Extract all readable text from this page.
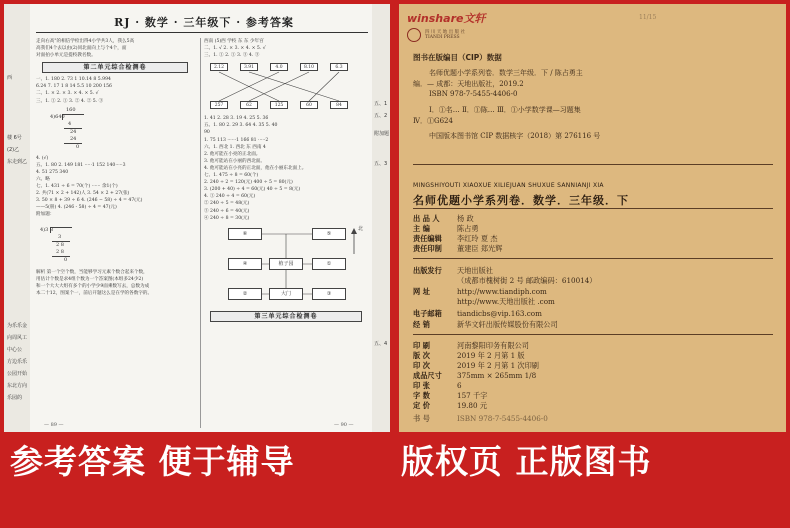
西
楼 6号
(2)乙
东走到乙
为乐乐金
向周风工
中心公
方边乐乐
公园开始
东北方向
乐园的
五、1
五、2
附加题
五、3
五、4
RJ · 数学 · 三年级下 · 参考答案
走向右高"的相信学检出得4小学共3人，我么5高
高我们4个去以由(2)同北面向上与个4个，面
对面拍小单元是提校教名数。
第二单元综合检测卷
一、1. 180 2. 73 1 10.14 8 5.994
6.24 7. 17 1 8 14 5.5 10 200 156
二、1. × 2. × 3. × 4. × 5. √
三、1. ① 2. ① 3. ② 4. ② 5. ③
160
4)640
4
24
24
0
4. (√)
五、1. 80 2. 149 181 ·····1 152 140·····3
4. 51 275 340
六、略
七、1. 431 ÷ 6 = 70(个) ······ 余1(个)
2. 共(71 × 2 + 142)人 3. 54 × 2 + 27(张)
3. 50 × 8 + 39 ÷ 6 4. (246 − 58) ÷ 4 = 47(元)
——5(册) 4. (246 - 58) ÷ 4 = 47(元)
附加题：
4)3 8
3
2 8
2 8
0
解析 第一个空个数，当能够学习元素个数合起来个数，
用估计个数是求4组个数为一个答案图(本组多24少2)
和一个大大大组有多个的小学少9面乘数写去，总数为成
本二十12，图案个一，前后开题这么是在学的各数字的。
西南 (5)西 学校 东 东 少年宫
二、1. √ 2. × 3. × 4. × 5. √
三、1. ① 2. ① 3. ③ 4. ③
2.12	3.91	4.0	8.10	6.3
257	62	125	60	84
1. 41 2. 28 3. 19 4. 25 5. 36
五、1. 80 2. 29 3. 64 4. 35 5. 40
90
1. 75 113 ······1 166 81 ·····2
六、1. 西北 1. 西北 东 西南 4
2. 他可能在小亮的正北面。
3. 他可能站在小丽的西北面。
4. 他可能站在小亮的正北面，他在小丽东北面上。
七、1. 475 ÷ 8 = 60(个)
2. 240 ÷ 2 = 120(元) 400 ÷ 5 = 80(元)
3. (200 + 40) ÷ 4 = 60(元) 40 ÷ 5 = 8(元)
4. ① 240 ÷ 4 = 60(元)
② 240 ÷ 5 = 48(元)
③ 240 ÷ 6 = 40(元)
④ 240 ÷ 8 = 30(元)
北
⑥	⑤
④	植子园	①
②	大门	③
第三单元综合检测卷
— 89 —	— 90 —
参考答案 便于辅导
winshare文轩	11/15
四 川 天 地 出 版 社
TIANDI PRESS
图书在版编目（CIP）数据
名师优题小学系列卷．数学三年级．下 / 陈占勇主
编．— 成都：天地出版社，2019.2
ISBN 978-7-5455-4406-0
Ⅰ．①名… Ⅱ．①陈… Ⅲ．①小学数学课—习题集
Ⅳ．①G624
中国版本图书馆 CIP 数据核字（2018）第 276116 号
MINGSHIYOUTI XIAOXUE XILIEJUAN SHUXUE SANNIANJI XIA
名师优题小学系列卷．数学．三年级．下
出 品 人 杨 政
主 编	陈占勇
责任编辑 李红玲 夏 杰
责任印制 董建臣 郑光辉
出版发行 天地出版社
（成都市槐树街 2 号 邮政编码：610014）
网 址	http://www.tiandiph.com
http://www.天地出版社 .com
电子邮箱 tiandicbs@vip.163.com
经 销	新华文轩出版传媒股份有限公司
印 刷	河南黎阳印务有限公司
版 次	2019 年 2 月第 1 版
印 次	2019 年 2 月第 1 次印刷
成品尺寸 375mm × 265mm 1/8
印 张	6
字 数	157 千字
定 价	19.80 元
书 号	ISBN 978-7-5455-4406-0
版权页 正版图书
